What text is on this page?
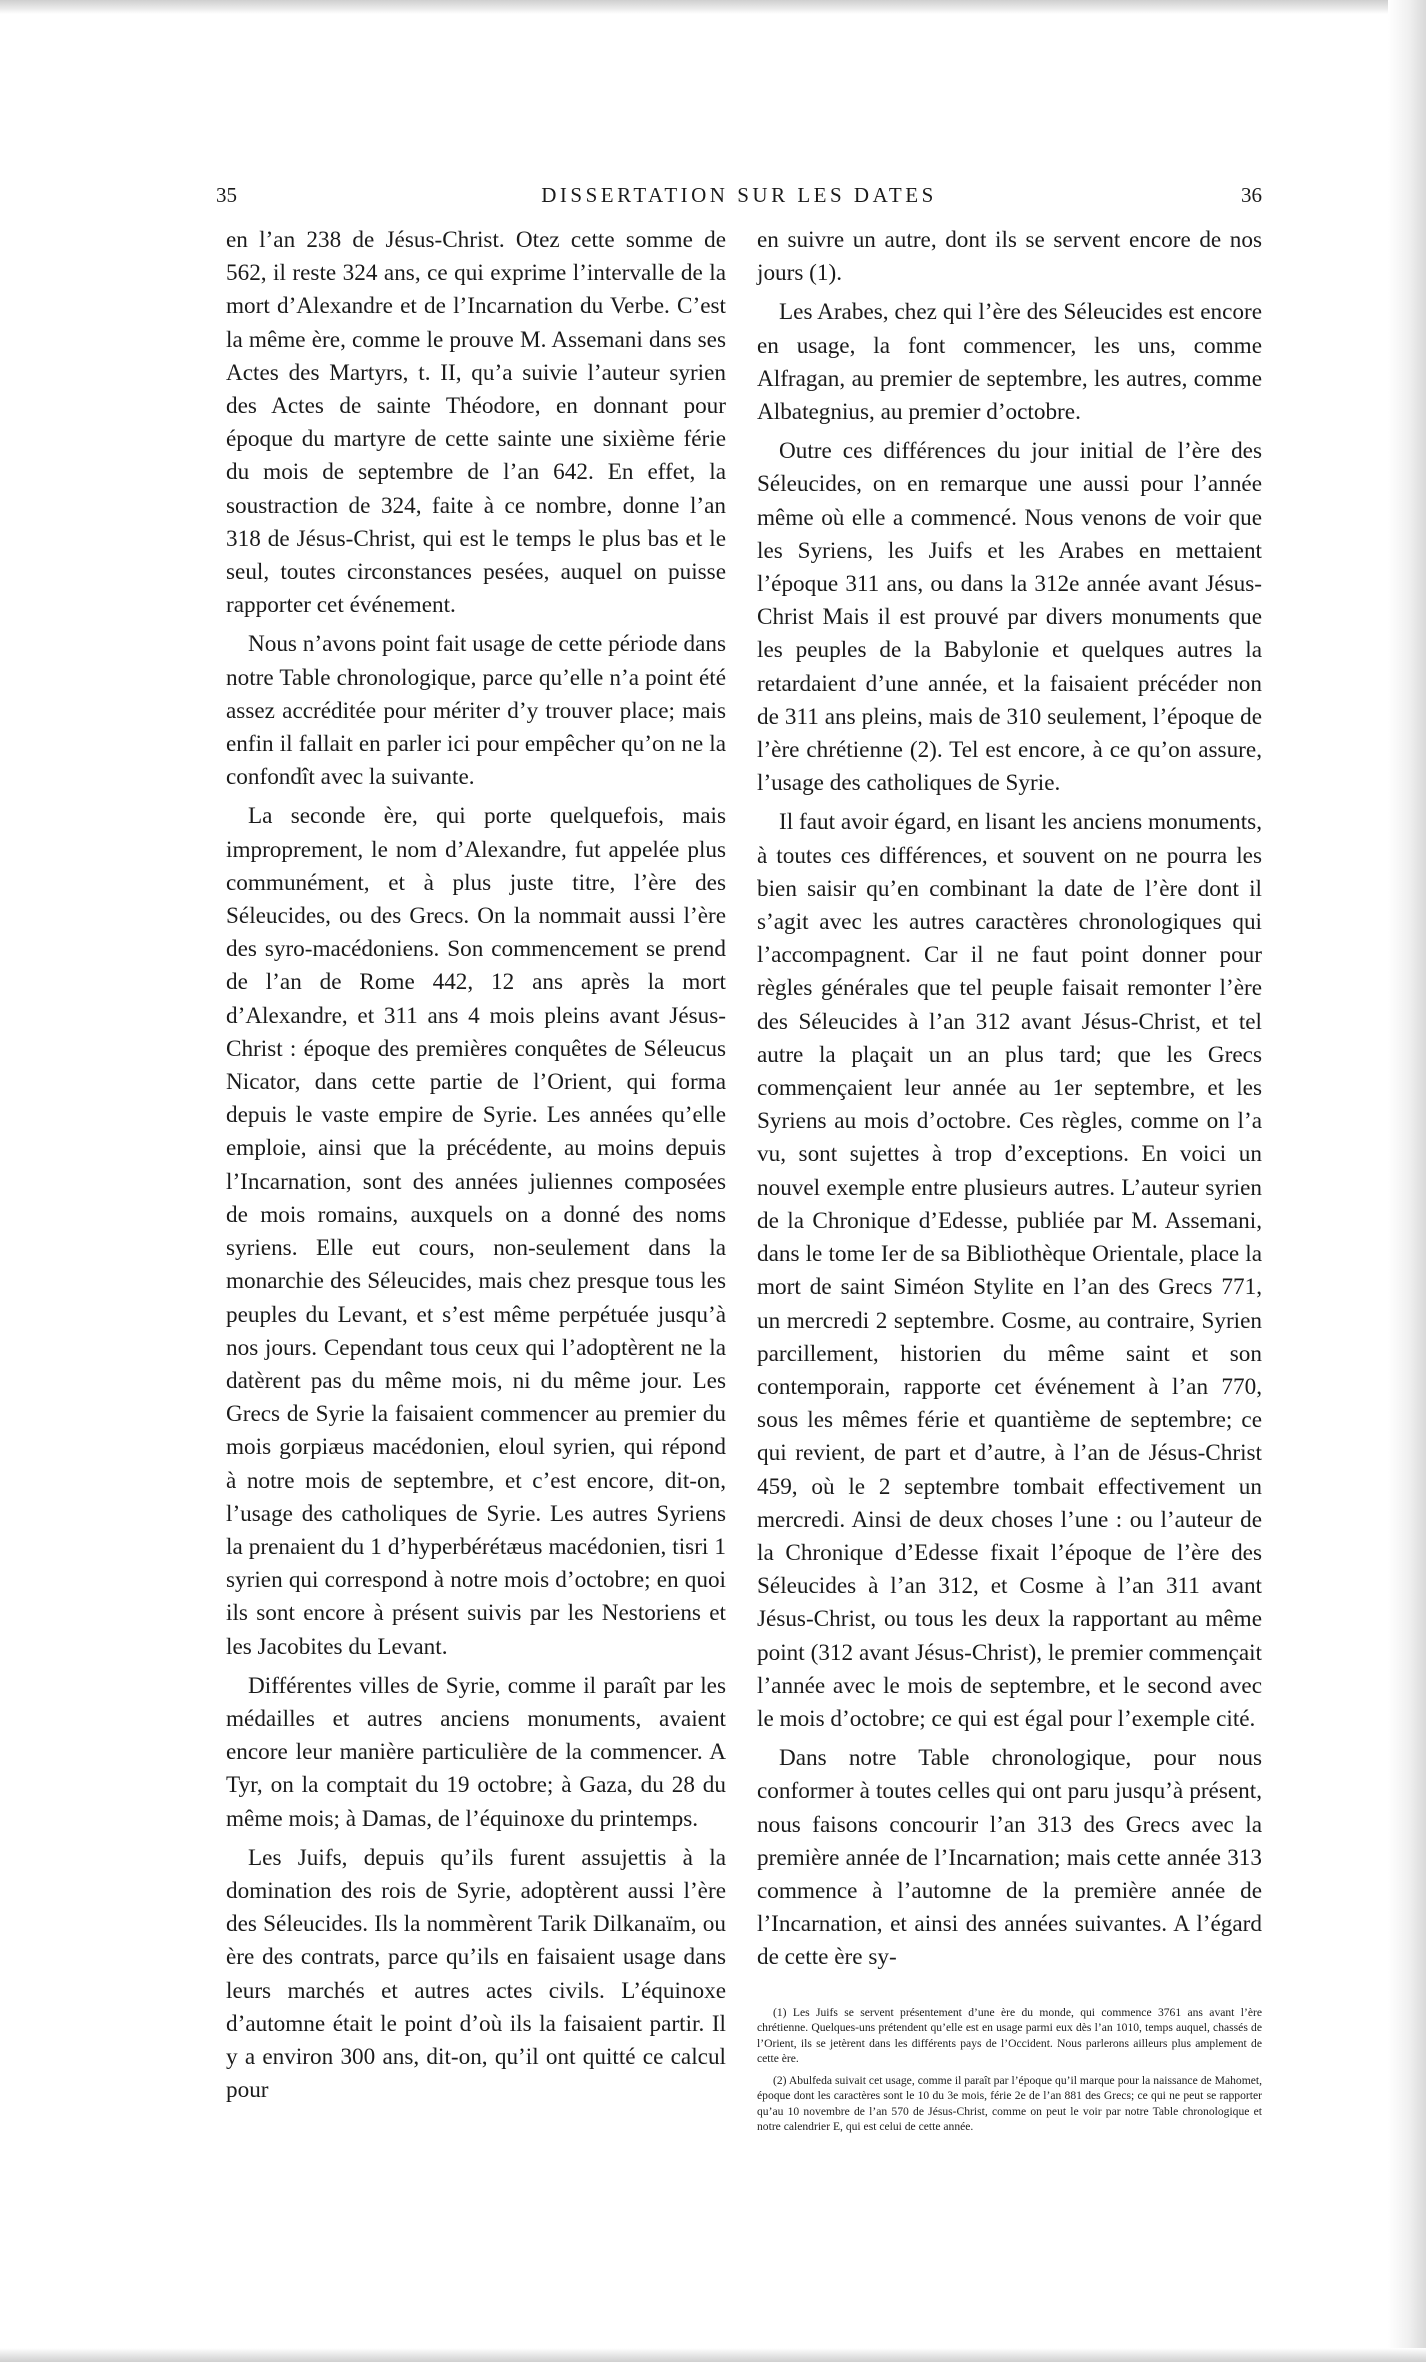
35	DISSERTATION SUR LES DATES	36

en l’an 238 de Jésus-Christ. Otez cette somme de 562, il reste 324 ans, ce qui exprime l’intervalle de la mort d’Alexandre et de l’Incarnation du Verbe. C’est la même ère, comme le prouve M. Assemani dans ses Actes des Martyrs, t. II, qu’a suivie l’auteur syrien des Actes de sainte Théodore, en donnant pour époque du martyre de cette sainte une sixième férie du mois de septembre de l’an 642. En effet, la soustraction de 324, faite à ce nombre, donne l’an 318 de Jésus-Christ, qui est le temps le plus bas et le seul, toutes circonstances pesées, auquel on puisse rapporter cet événement.

Nous n’avons point fait usage de cette période dans notre Table chronologique, parce qu’elle n’a point été assez accréditée pour mériter d’y trouver place; mais enfin il fallait en parler ici pour empêcher qu’on ne la confondît avec la suivante.

La seconde ère, qui porte quelquefois, mais improprement, le nom d’Alexandre, fut appelée plus communément, et à plus juste titre, l’ère des Séleucides, ou des Grecs. On la nommait aussi l’ère des syro-macédoniens. Son commencement se prend de l’an de Rome 442, 12 ans après la mort d’Alexandre, et 311 ans 4 mois pleins avant Jésus-Christ : époque des premières conquêtes de Séleucus Nicator, dans cette partie de l’Orient, qui forma depuis le vaste empire de Syrie. Les années qu’elle emploie, ainsi que la précédente, au moins depuis l’Incarnation, sont des années juliennes composées de mois romains, auxquels on a donné des noms syriens. Elle eut cours, non-seulement dans la monarchie des Séleucides, mais chez presque tous les peuples du Levant, et s’est même perpétuée jusqu’à nos jours. Cependant tous ceux qui l’adoptèrent ne la datèrent pas du même mois, ni du même jour. Les Grecs de Syrie la faisaient commencer au premier du mois gorpiæus macédonien, eloul syrien, qui répond à notre mois de septembre, et c’est encore, dit-on, l’usage des catholiques de Syrie. Les autres Syriens la prenaient du 1 d’hyperbérétæus macédonien, tisri 1 syrien qui correspond à notre mois d’octobre; en quoi ils sont encore à présent suivis par les Nestoriens et les Jacobites du Levant.

Différentes villes de Syrie, comme il paraît par les médailles et autres anciens monuments, avaient encore leur manière particulière de la commencer. A Tyr, on la comptait du 19 octobre; à Gaza, du 28 du même mois; à Damas, de l’équinoxe du printemps.

Les Juifs, depuis qu’ils furent assujettis à la domination des rois de Syrie, adoptèrent aussi l’ère des Séleucides. Ils la nommèrent Tarik Dilkanaïm, ou ère des contrats, parce qu’ils en faisaient usage dans leurs marchés et autres actes civils. L’équinoxe d’automne était le point d’où ils la faisaient partir. Il y a environ 300 ans, dit-on, qu’il ont quitté ce calcul pour

en suivre un autre, dont ils se servent encore de nos jours (1).

Les Arabes, chez qui l’ère des Séleucides est encore en usage, la font commencer, les uns, comme Alfragan, au premier de septembre, les autres, comme Albategnius, au premier d’octobre.

Outre ces différences du jour initial de l’ère des Séleucides, on en remarque une aussi pour l’année même où elle a commencé. Nous venons de voir que les Syriens, les Juifs et les Arabes en mettaient l’époque 311 ans, ou dans la 312e année avant Jésus-Christ Mais il est prouvé par divers monuments que les peuples de la Babylonie et quelques autres la retardaient d’une année, et la faisaient précéder non de 311 ans pleins, mais de 310 seulement, l’époque de l’ère chrétienne (2). Tel est encore, à ce qu’on assure, l’usage des catholiques de Syrie.

Il faut avoir égard, en lisant les anciens monuments, à toutes ces différences, et souvent on ne pourra les bien saisir qu’en combinant la date de l’ère dont il s’agit avec les autres caractères chronologiques qui l’accompagnent. Car il ne faut point donner pour règles générales que tel peuple faisait remonter l’ère des Séleucides à l’an 312 avant Jésus-Christ, et tel autre la plaçait un an plus tard; que les Grecs commençaient leur année au 1er septembre, et les Syriens au mois d’octobre. Ces règles, comme on l’a vu, sont sujettes à trop d’exceptions. En voici un nouvel exemple entre plusieurs autres. L’auteur syrien de la Chronique d’Edesse, publiée par M. Assemani, dans le tome Ier de sa Bibliothèque Orientale, place la mort de saint Siméon Stylite en l’an des Grecs 771, un mercredi 2 septembre. Cosme, au contraire, Syrien parcillement, historien du même saint et son contemporain, rapporte cet événement à l’an 770, sous les mêmes férie et quantième de septembre; ce qui revient, de part et d’autre, à l’an de Jésus-Christ 459, où le 2 septembre tombait effectivement un mercredi. Ainsi de deux choses l’une : ou l’auteur de la Chronique d’Edesse fixait l’époque de l’ère des Séleucides à l’an 312, et Cosme à l’an 311 avant Jésus-Christ, ou tous les deux la rapportant au même point (312 avant Jésus-Christ), le premier commençait l’année avec le mois de septembre, et le second avec le mois d’octobre; ce qui est égal pour l’exemple cité.

Dans notre Table chronologique, pour nous conformer à toutes celles qui ont paru jusqu’à présent, nous faisons concourir l’an 313 des Grecs avec la première année de l’Incarnation; mais cette année 313 commence à l’automne de la première année de l’Incarnation, et ainsi des années suivantes. A l’égard de cette ère sy-

(1) Les Juifs se servent présentement d’une ère du monde, qui commence 3761 ans avant l’ère chrétienne. Quelques-uns prétendent qu’elle est en usage parmi eux dès l’an 1010, temps auquel, chassés de l’Orient, ils se jetèrent dans les différents pays de l’Occident. Nous parlerons ailleurs plus amplement de cette ère.

(2) Abulfeda suivait cet usage, comme il paraît par l’époque qu’il marque pour la naissance de Mahomet, époque dont les caractères sont le 10 du 3e mois, férie 2e de l’an 881 des Grecs; ce qui ne peut se rapporter qu’au 10 novembre de l’an 570 de Jésus-Christ, comme on peut le voir par notre Table chronologique et notre calendrier E, qui est celui de cette année.
